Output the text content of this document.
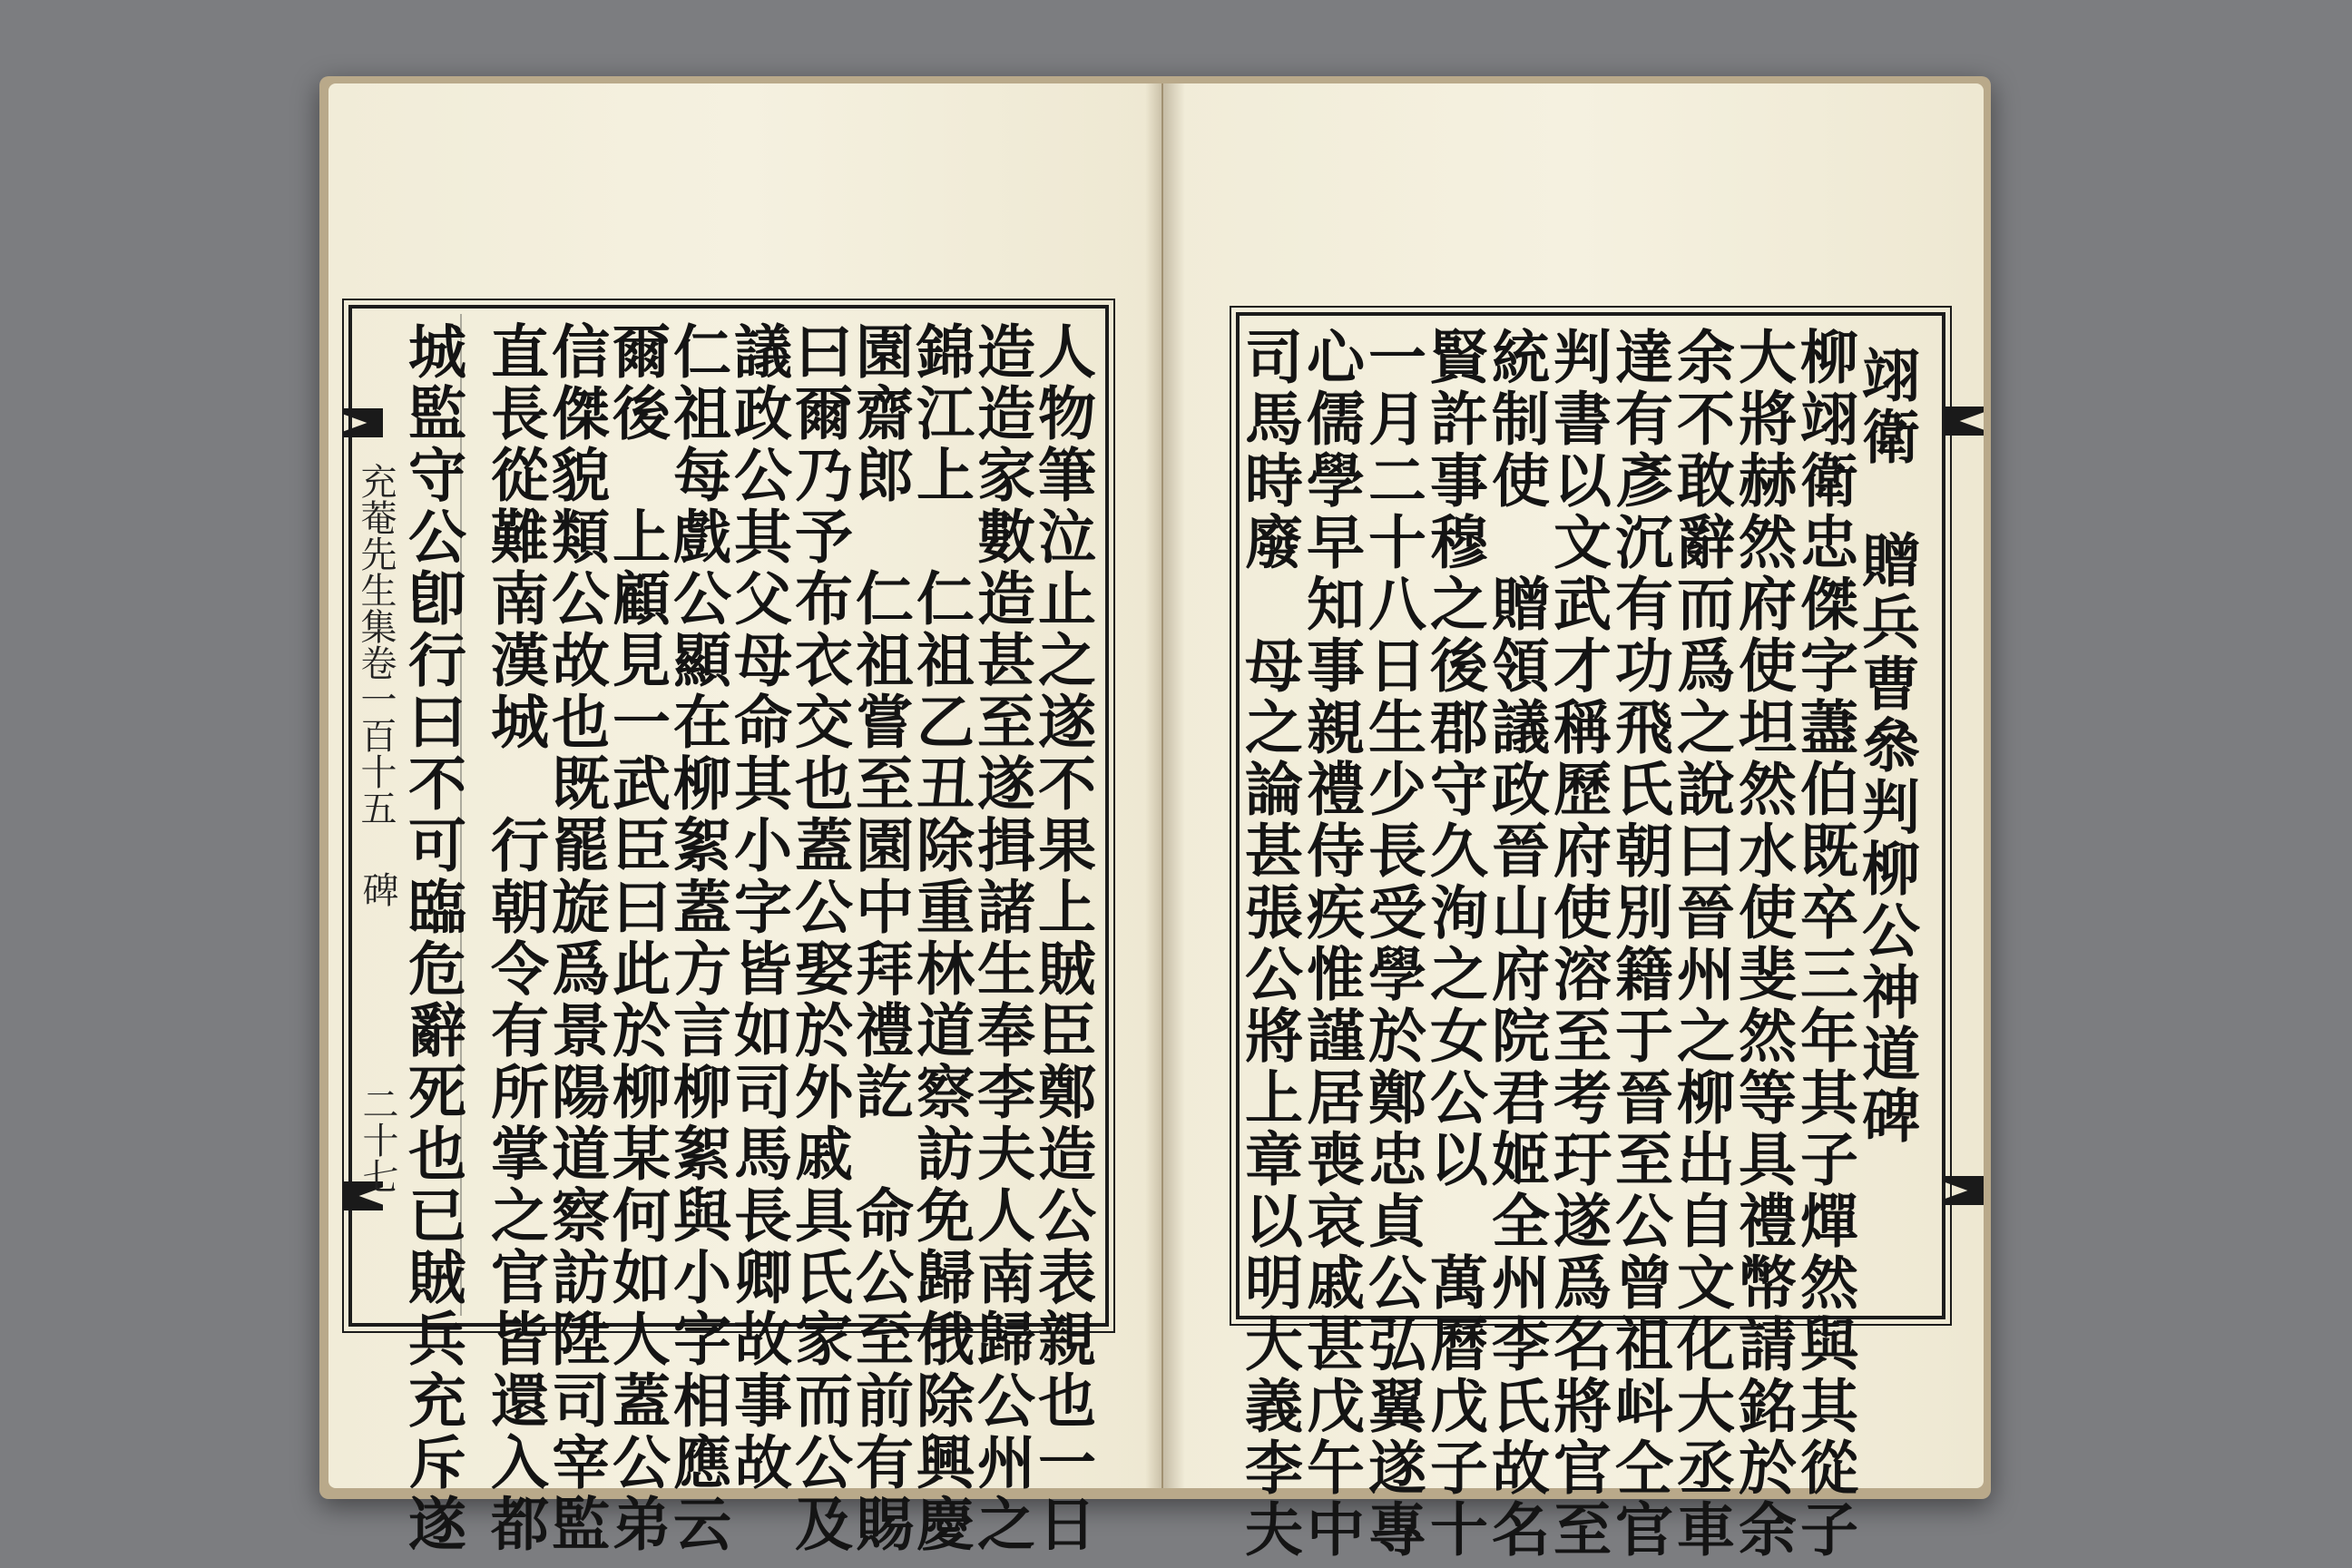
充菴先生集卷一百十五
碑
二十七	人物筆泣止之遂不果上賊臣鄭造公表親也一日
造造家數造甚至遂揖諸生奉李夫人南歸公州之
錦江上　仁祖乙丑除重林道察訪免歸俄除興慶
園齋郎　仁祖嘗至園中拜禮訖　命公至前有賜
曰爾乃予布衣交也蓋公娶於外戚具氏家而公及
議政公其父母命其小字皆如司馬長卿故事故
仁祖每戲公顯在柳絮蓋方言柳絮與小字相應云
爾後　上顧見一武臣曰此於柳某何如人蓋公弟
信傑貌類公故也既罷旋爲景陽道察訪陞司宰監
直長從難南漢城　行朝令有所掌之官皆還入都
城監守公卽行曰不可臨危辭死也已賊兵充斥遂	翊衛　贈兵曹叅判柳公神道碑
柳翊衛忠傑字藎伯既卒三年其子燀然與其從子
大將赫然府使坦然水使斐然等具禮幣請銘於余
余不敢辭而爲之說曰晉州之柳出自文化大丞車
達有彥沉有功飛氏朝別籍于晉至公曾祖㞳仝官
判書以文武才稱歷府使溶至考玗遂爲名將官至
統制使　贈領議政晉山府院君姬全州李氏故名
賢許事穆之後郡守久洵之女公以　萬曆戊子十
一月二十八日生少長受學於鄭忠貞公弘翼遂專
心儒學早知事親禮侍疾惟謹居喪哀戚甚戊午中
司馬時廢　母之論甚張公將上章以明大義李夫
